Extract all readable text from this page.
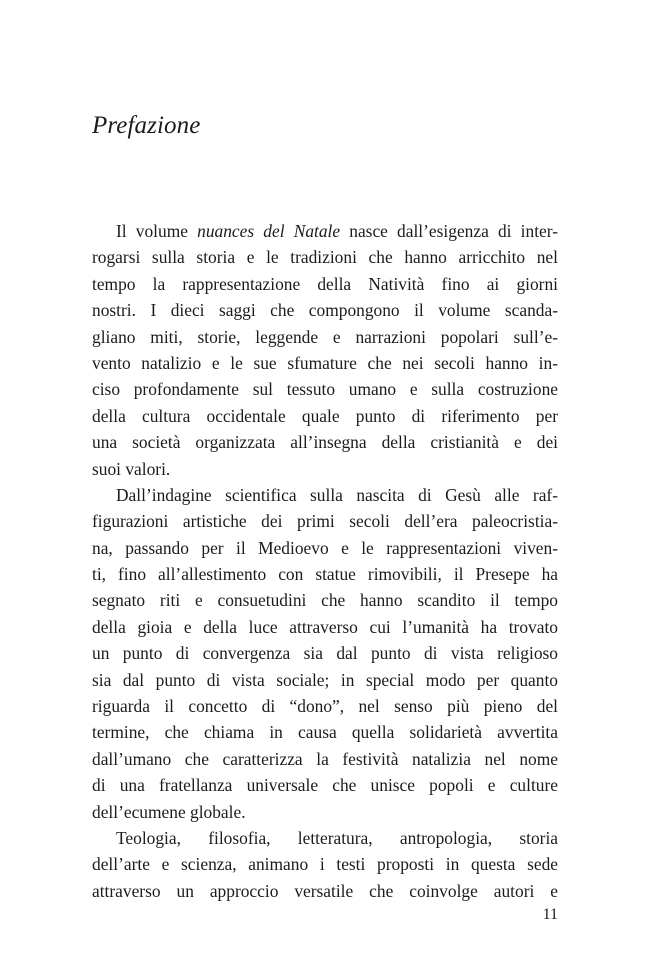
Prefazione
Il volume nuances del Natale nasce dall’esigenza di inter-
rogarsi sulla storia e le tradizioni che hanno arricchito nel
tempo la rappresentazione della Natività fino ai giorni
nostri. I dieci saggi che compongono il volume scanda-
gliano miti, storie, leggende e narrazioni popolari sull’e-
vento natalizio e le sue sfumature che nei secoli hanno in-
ciso profondamente sul tessuto umano e sulla costruzione
della cultura occidentale quale punto di riferimento per
una società organizzata all’insegna della cristianità e dei
suoi valori.
Dall’indagine scientifica sulla nascita di Gesù alle raf-
figurazioni artistiche dei primi secoli dell’era paleocristia-
na, passando per il Medioevo e le rappresentazioni viven-
ti, fino all’allestimento con statue rimovibili, il Presepe ha
segnato riti e consuetudini che hanno scandito il tempo
della gioia e della luce attraverso cui l’umanità ha trovato
un punto di convergenza sia dal punto di vista religioso
sia dal punto di vista sociale; in special modo per quanto
riguarda il concetto di “dono”, nel senso più pieno del
termine, che chiama in causa quella solidarietà avvertita
dall’umano che caratterizza la festività natalizia nel nome
di una fratellanza universale che unisce popoli e culture
dell’ecumene globale.
Teologia, filosofia, letteratura, antropologia, storia
dell’arte e scienza, animano i testi proposti in questa sede
attraverso un approccio versatile che coinvolge autori e
11
